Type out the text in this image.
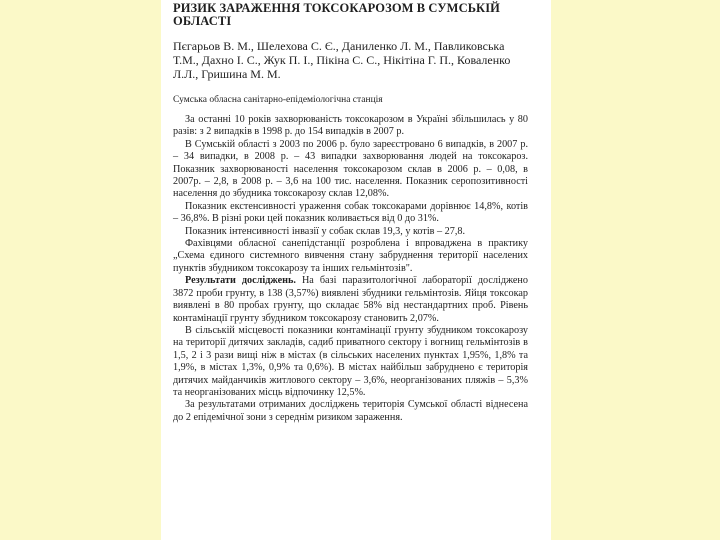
РИЗИК ЗАРАЖЕННЯ ТОКСОКАРОЗОМ В СУМСЬКІЙ
ОБЛАСТІ
Пєгарьов В. М., Шелехова С. Є., Даниленко Л. М., Павликовська Т.М., Дахно І. С., Жук П. І., Пікіна С. С., Нікітіна Г. П., Коваленко Л.Л., Гришина М. М.
Сумська обласна санітарно-епідеміологічна станція

За останні 10 років захворюваність токсокарозом в Україні збільшилась у 80 разів: з 2 випадків в 1998 р. до 154 випадків в 2007 р.

В Сумській області з 2003 по 2006 р. було зареєстровано 6 випадків, в 2007 р. – 34 випадки, в 2008 р. – 43 випадки захворювання людей на токсокароз. Показник захворюваності населення токсокарозом склав в 2006 р. – 0,08, в 2007р. – 2,8, в 2008 р. – 3,6 на 100 тис. населення. Показник серопозитивності населення до збудника токсокарозу склав 12,08%.

Показник екстенсивності ураження собак токсокарами дорівнює 14,8%, котів – 36,8%. В різні роки цей показник коливається від 0 до 31%.

Показник інтенсивності інвазії у собак склав 19,3, у котів – 27,8.

Фахівцями обласної санепідстанції розроблена і впроваджена в практику „Схема єдиного системного вивчення стану забруднення території населених пунктів збудником токсокарозу та інших гельмінтозів".

Результати досліджень. На базі паразитологічної лабораторії досліджено 3872 проби грунту, в 138 (3,57%) виявлені збудники гельмінтозів. Яйця токсокар виявлені в 80 пробах грунту, що складає 58% від нестандартних проб. Рівень контамінації грунту збудником токсокарозу становить 2,07%.

В сільській місцевості показники контамінації грунту збудником токсокарозу на території дитячих закладів, садиб приватного сектору і вогнищ гельмінтозів в 1,5, 2 і 3 рази вищі ніж в містах (в сільських населених пунктах 1,95%, 1,8% та 1,9%, в містах 1,3%, 0,9% та 0,6%). В містах найбільш забруднено є територія дитячих майданчиків житлового сектору – 3,6%, неорганізованих пляжів – 5,3% та неорганізованих місць відпочинку 12,5%.

За результатами отриманих досліджень територія Сумської області віднесена до 2 епідемічної зони з середнім ризиком зараження.
